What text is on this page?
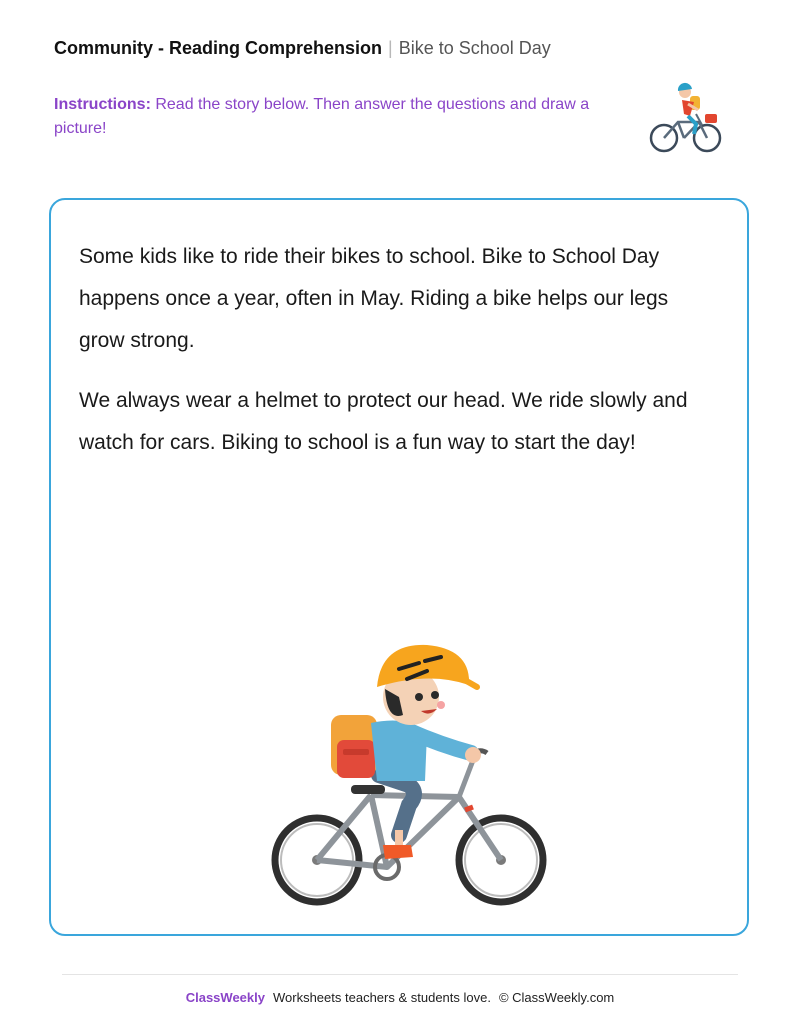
Community - Reading Comprehension | Bike to School Day
Instructions: Read the story below. Then answer the questions and draw a picture!

Some kids like to ride their bikes to school. Bike to School Day happens once a year, often in May. Riding a bike helps our legs grow strong.

We always wear a helmet to protect our head. We ride slowly and watch for cars. Biking to school is a fun way to start the day!

ClassWeekly Worksheets teachers & students love. © ClassWeekly.com
